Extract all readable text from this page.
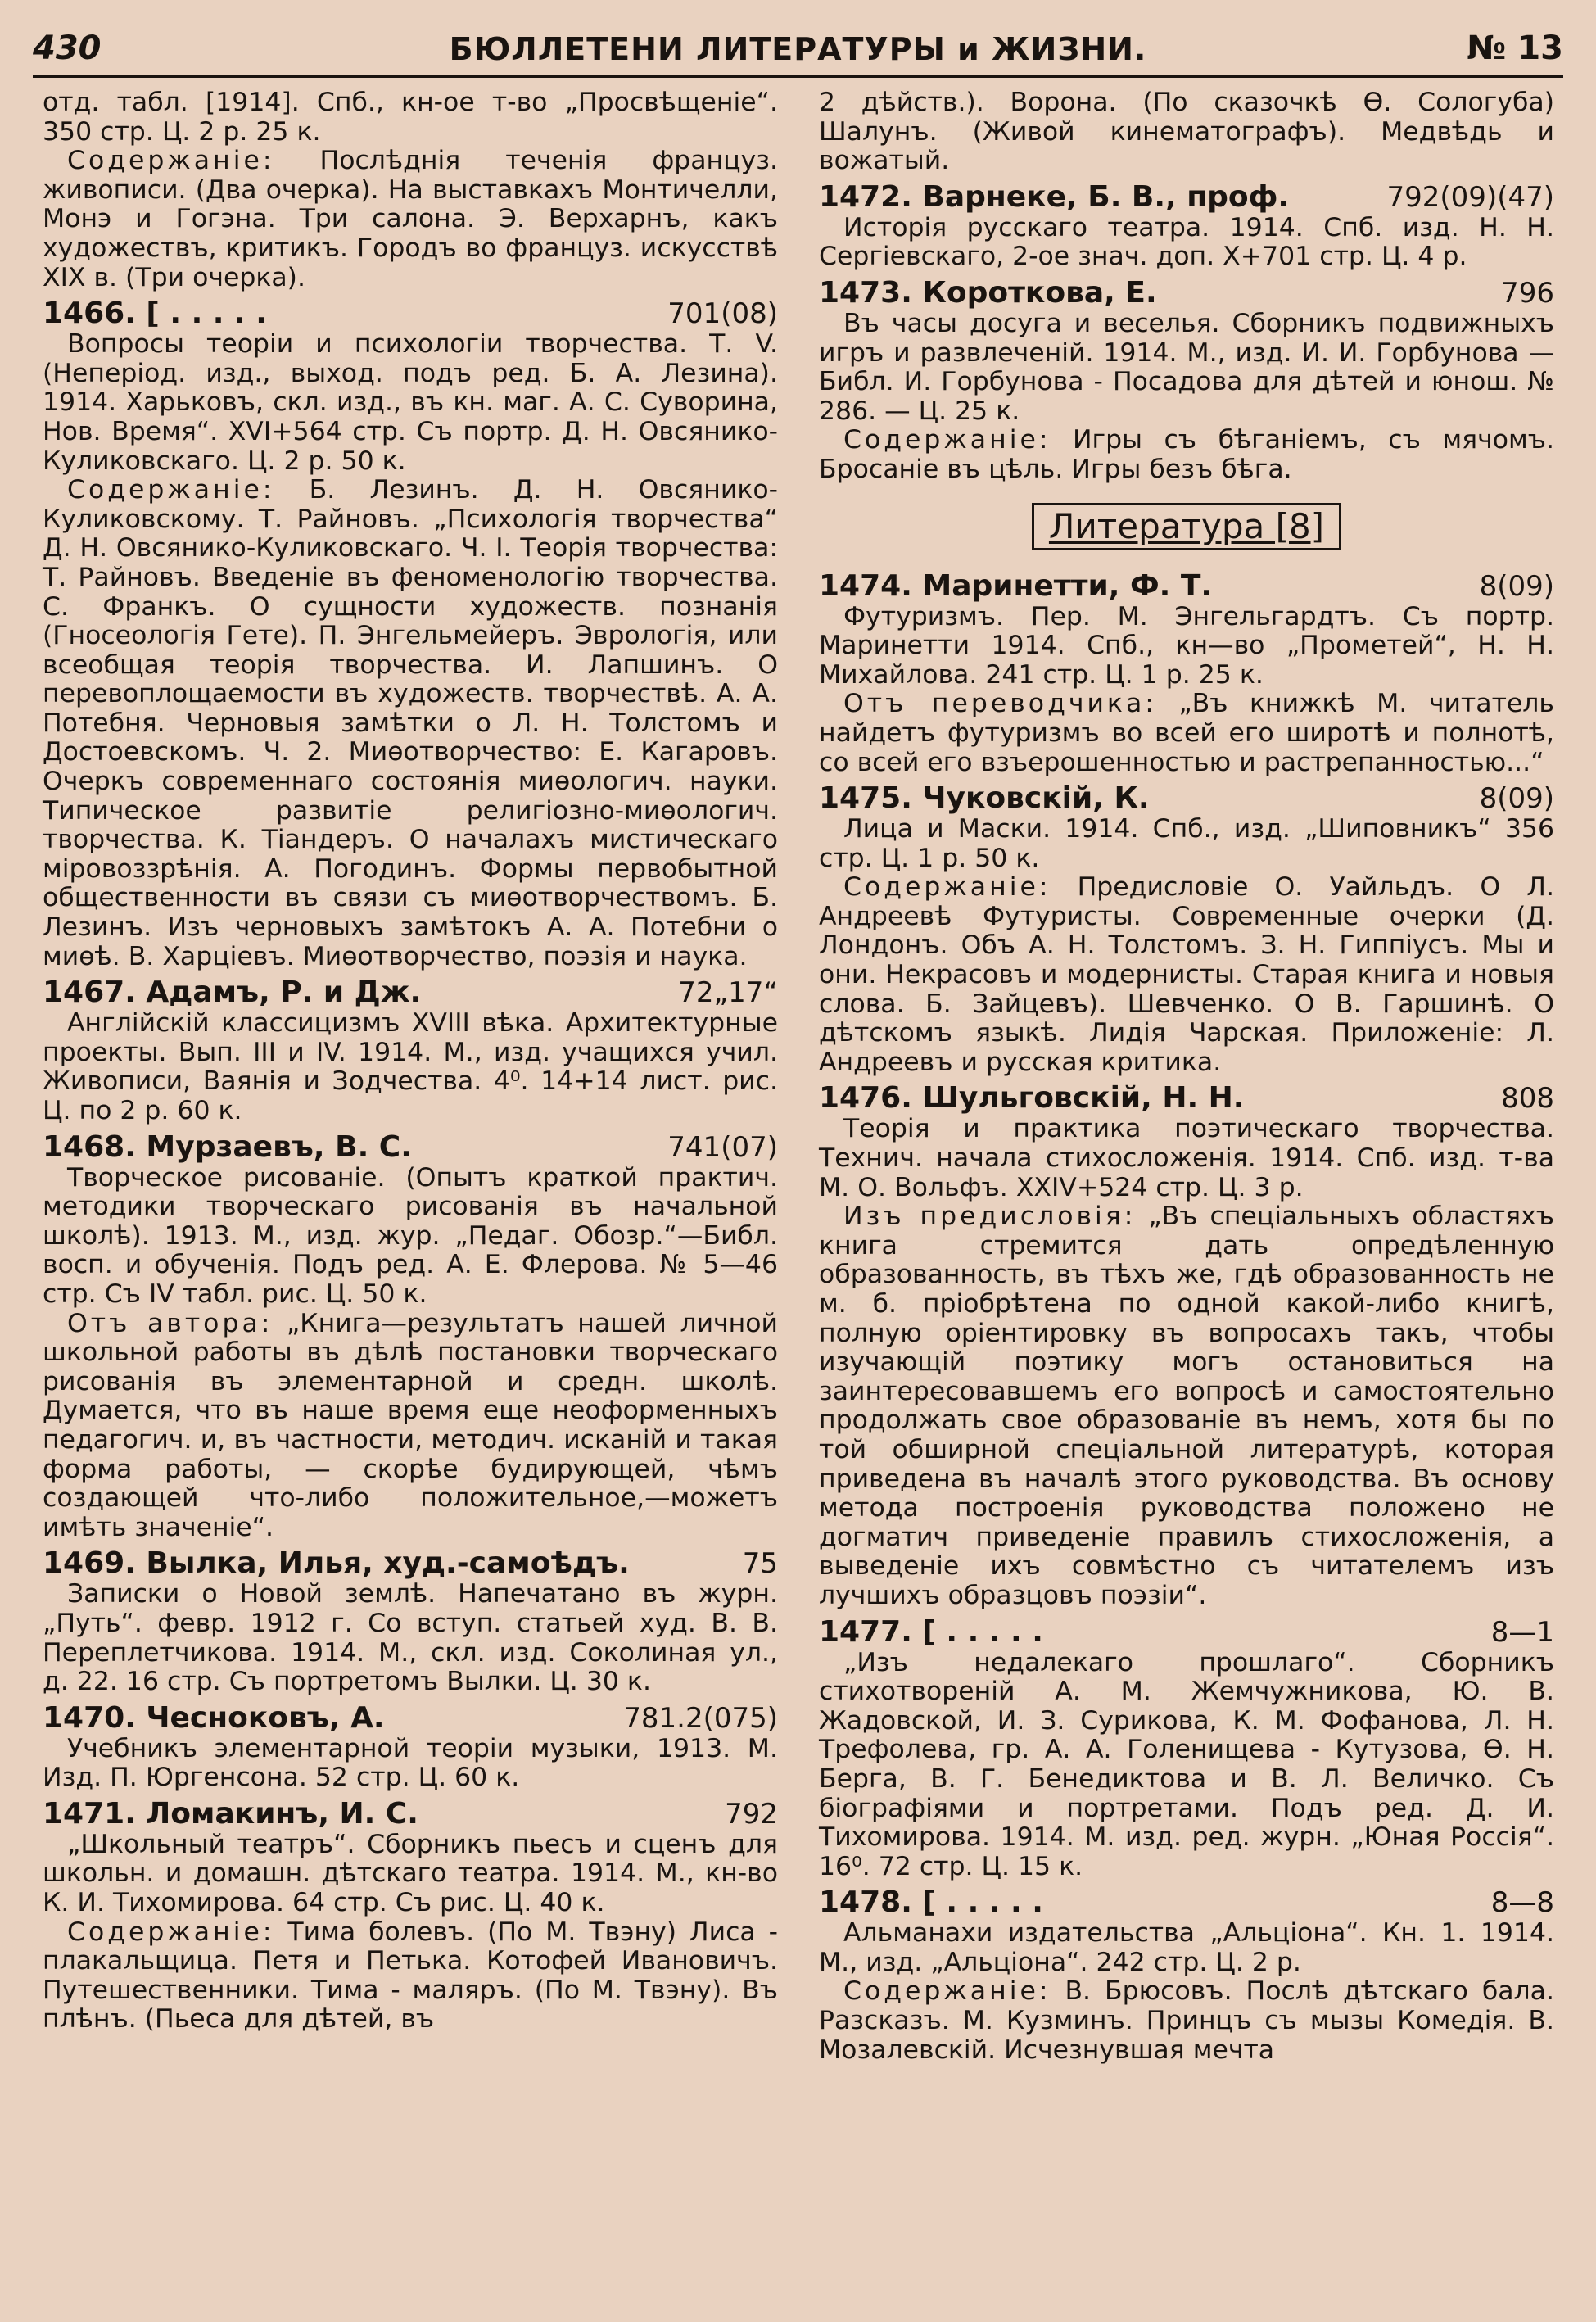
430	БЮЛЛЕТЕНИ ЛИТЕРАТУРЫ и ЖИЗНИ.	№ 13

отд. табл. [1914]. Спб., кн-ое т-во „Просвѣщеніе“. 350 стр. Ц. 2 р. 25 к.

Содержаніе: Послѣднія теченія француз. живописи. (Два очерка). На выставкахъ Монтичелли, Монэ и Гогэна. Три салона. Э. Верхарнъ, какъ художествъ, критикъ. Городъ во француз. искусствѣ XIX в. (Три очерка).

1466. [ . . . . .	701(08)

Вопросы теоріи и психологіи творчества. Т. V. (Непеpiод. изд., выход. подъ ред. Б. А. Лезина). 1914. Харьковъ, скл. изд., въ кн. маг. А. С. Суворина, Нов. Время“. XVI+564 стр. Съ портр. Д. Н. Овсянико-Куликовскаго. Ц. 2 р. 50 к.

Содержаніе: Б. Лезинъ. Д. Н. Овсянико-Куликовскому. Т. Райновъ. „Психологія творчества“ Д. Н. Овсянико-Куликовскаго. Ч. I. Теорія творчества: Т. Райновъ. Введеніе въ феноменологію творчества. С. Франкъ. О сущности художеств. познанія (Гносеологія Гете). П. Энгельмейеръ. Эврологія, или всеобщая теорія творчества. И. Лапшинъ. О перевоплощаемости въ художеств. творчествѣ. А. А. Потебня. Черновыя замѣтки о Л. Н. Толстомъ и Достоевскомъ. Ч. 2. Миѳотворчество: Е. Кагаровъ. Очеркъ современнаго состоянія миѳологич. науки. Типическое развитіе религіозно-миѳологич. творчества. К. Тіандеръ. О началахъ мистическаго міровоззрѣнія. А. Погодинъ. Формы первобытной общественности въ связи съ миѳотворчествомъ. Б. Лезинъ. Изъ черновыхъ замѣтокъ А. А. Потебни о миѳѣ. В. Харціевъ. Миѳотворчество, поэзія и наука.

1467. Адамъ, Р. и Дж.	72„17“

Англійскій классицизмъ XVIII вѣка. Архитектурные проекты. Вып. III и IV. 1914. М., изд. учащихся учил. Живописи, Ваянія и Зодчества. 4⁰. 14+14 лист. рис. Ц. по 2 р. 60 к.

1468. Мурзаевъ, В. С.	741(07)

Творческое рисованіе. (Опытъ краткой практич. методики творческаго рисованія въ начальной школѣ). 1913. М., изд. жур. „Педаг. Обозр.“—Библ. восп. и обученія. Подъ ред. А. Е. Флерова. № 5—46 стр. Съ IV табл. рис. Ц. 50 к.

Отъ автора: „Книга—результатъ нашей личной школьной работы въ дѣлѣ постановки творческаго рисованія въ элементарной и средн. школѣ. Думается, что въ наше время еще неоформенныхъ педагогич. и, въ частности, методич. исканій и такая форма работы, — скорѣе будирующей, чѣмъ создающей что-либо положительное,—можетъ имѣть значеніе“.

1469. Вылка, Илья, худ.-самоѣдъ.	75

Записки о Новой землѣ. Напечатано въ журн. „Путь“. февр. 1912 г. Со вступ. статьей худ. В. В. Переплетчикова. 1914. М., скл. изд. Соколиная ул., д. 22. 16 стр. Съ портретомъ Вылки. Ц. 30 к.

1470. Чесноковъ, А.	781.2(075)

Учебникъ элементарной теоріи музыки, 1913. М. Изд. П. Юргенсона. 52 стр. Ц. 60 к.

1471. Ломакинъ, И. С.	792

„Школьный театръ“. Сборникъ пьесъ и сценъ для школьн. и домашн. дѣтскаго театра. 1914. М., кн-во К. И. Тихомирова. 64 стр. Съ рис. Ц. 40 к.

Содержаніе: Тима болевъ. (По М. Твэну) Лиса - плакальщица. Петя и Петька. Котофей Ивановичъ. Путешественники. Тима - маляръ. (По М. Твэну). Въ плѣнъ. (Пьеса для дѣтей, въ

2 дѣйств.). Ворона. (По сказочкѣ Ѳ. Сологуба) Шалунъ. (Живой кинематографъ). Медвѣдь и вожатый.

1472. Варнеке, Б. В., проф.	792(09)(47)

Исторія русскаго театра. 1914. Спб. изд. Н. Н. Сергіевскаго, 2-ое знач. доп. X+701 стр. Ц. 4 р.

1473. Короткова, Е.	796

Въ часы досуга и веселья. Сборникъ подвижныхъ игръ и развлеченій. 1914. М., изд. И. И. Горбунова — Библ. И. Горбунова - Посадова для дѣтей и юнош. № 286. — Ц. 25 к.

Содержаніе: Игры съ бѣганіемъ, съ мячомъ. Бросаніе въ цѣль. Игры безъ бѣга.

Литература [8]
1474. Маринетти, Ф. Т.	8(09)

Футуризмъ. Пер. М. Энгельгардтъ. Съ портр. Маринетти 1914. Спб., кн—во „Прометей“, Н. Н. Михайлова. 241 стр. Ц. 1 р. 25 к.

Отъ переводчика: „Въ книжкѣ М. читатель найдетъ футуризмъ во всей его широтѣ и полнотѣ, со всей его взъерошенностью и растрепанностью...“

1475. Чуковскій, К.	8(09)

Лица и Маски. 1914. Спб., изд. „Шиповникъ“ 356 стр. Ц. 1 р. 50 к.

Содержаніе: Предисловіе О. Уайльдъ. О Л. Андреевѣ Футуристы. Современные очерки (Д. Лондонъ. Объ А. Н. Толстомъ. З. Н. Гиппіусъ. Мы и они. Некрасовъ и модернисты. Старая книга и новыя слова. Б. Зайцевъ). Шевченко. О В. Гаршинѣ. О дѣтскомъ языкѣ. Лидія Чарская. Приложеніе: Л. Андреевъ и русская критика.

1476. Шульговскій, Н. Н.	808

Теорія и практика поэтическаго творчества. Технич. начала стихосложенія. 1914. Спб. изд. т-ва М. О. Вольфъ. XXIV+524 стр. Ц. 3 р.

Изъ предисловія: „Въ спеціальныхъ областяхъ книга стремится дать опредѣленную образованность, въ тѣхъ же, гдѣ образованность не м. б. пріобрѣтена по одной какой-либо книгѣ, полную оріентировку въ вопросахъ такъ, чтобы изучающій поэтику могъ остановиться на заинтересовавшемъ его вопросѣ и самостоятельно продолжать свое образованіе въ немъ, хотя бы по той обширной спеціальной литературѣ, которая приведена въ началѣ этого руководства. Въ основу метода построенія руководства положено не догматич приведеніе правилъ стихосложенія, а выведеніе ихъ совмѣстно съ читателемъ изъ лучшихъ образцовъ поэзіи“.

1477. [ . . . . .	8—1

„Изъ недалекаго прошлаго“. Сборникъ стихотвореній А. М. Жемчужникова, Ю. В. Жадовской, И. З. Сурикова, К. М. Фофанова, Л. Н. Трефолева, гр. А. А. Голенищева - Кутузова, Ѳ. Н. Берга, В. Г. Бенедиктова и В. Л. Величко. Съ біографіями и портретами. Подъ ред. Д. И. Тихомирова. 1914. М. изд. ред. журн. „Юная Россія“. 16⁰. 72 стр. Ц. 15 к.

1478. [ . . . . .	8—8

Альманахи издательства „Альціона“. Кн. 1. 1914. М., изд. „Альціона“. 242 стр. Ц. 2 р.

Содержаніе: В. Брюсовъ. Послѣ дѣтскаго бала. Разсказъ. М. Кузминъ. Принцъ съ мызы Комедія. В. Мозалевскій. Исчезнувшая мечта
